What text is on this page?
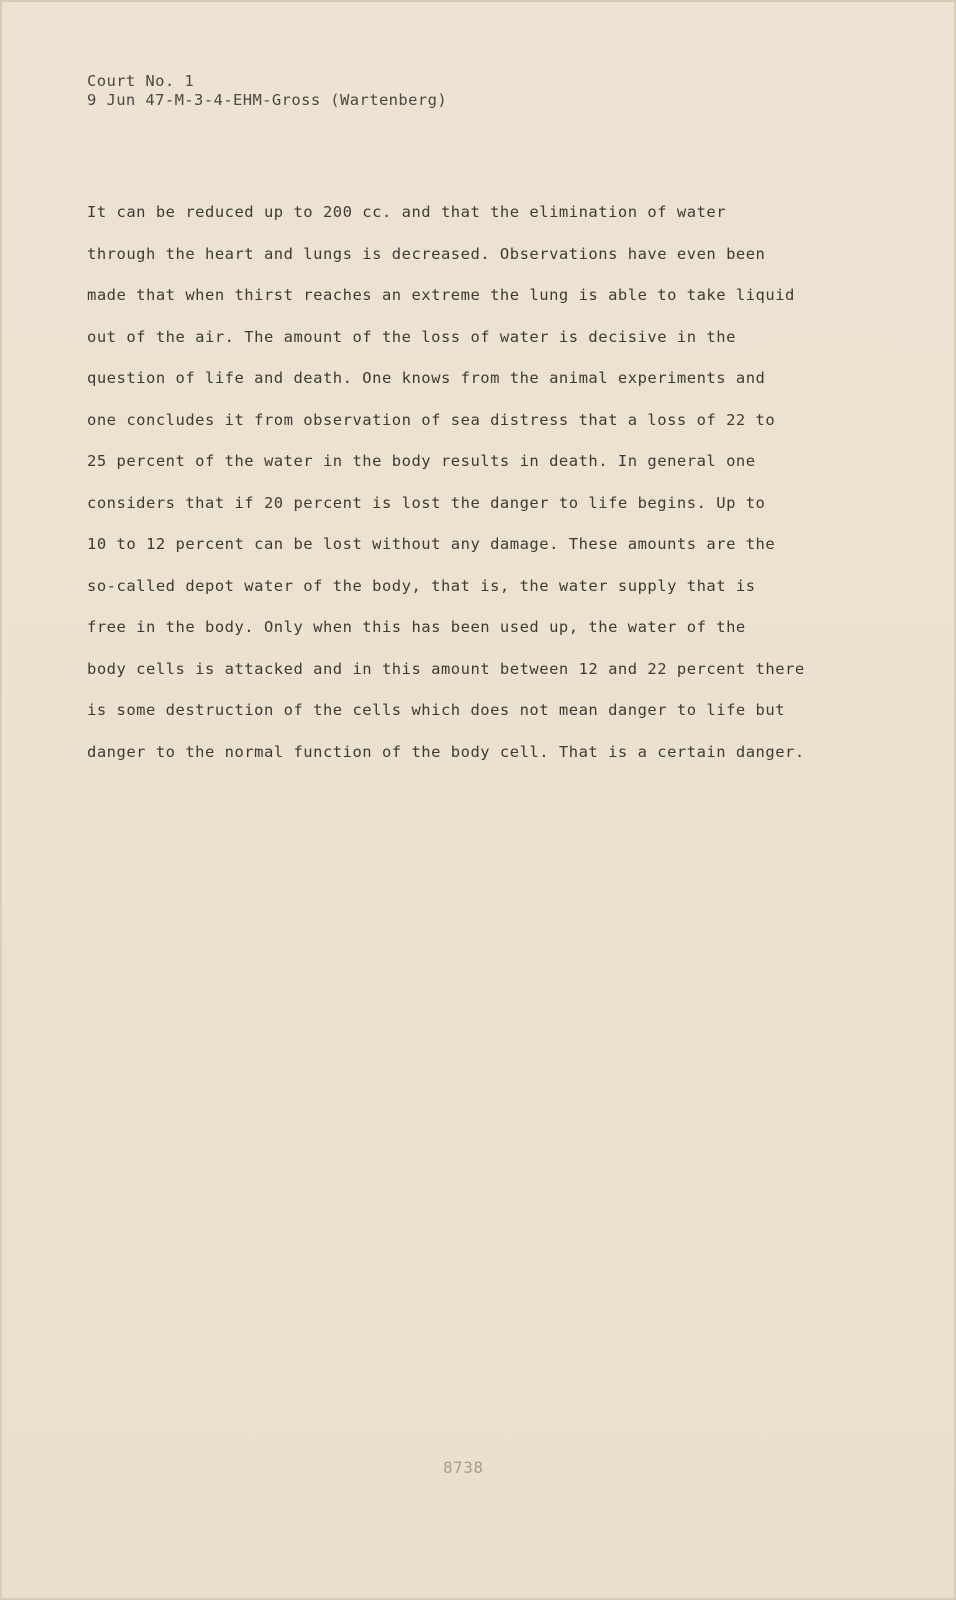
Court No. 1
9 Jun 47-M-3-4-EHM-Gross (Wartenberg)
It can be reduced up to 200 cc. and that the elimination of water
through the heart and lungs is decreased. Observations have even been
made that when thirst reaches an extreme the lung is able to take liquid
out of the air. The amount of the loss of water is decisive in the
question of life and death. One knows from the animal experiments and
one concludes it from observation of sea distress that a loss of 22 to
25 percent of the water in the body results in death. In general one
considers that if 20 percent is lost the danger to life begins. Up to
10 to 12 percent can be lost without any damage. These amounts are the
so-called depot water of the body, that is, the water supply that is
free in the body. Only when this has been used up, the water of the
body cells is attacked and in this amount between 12 and 22 percent there
is some destruction of the cells which does not mean danger to life but
danger to the normal function of the body cell. That is a certain danger.
8738
